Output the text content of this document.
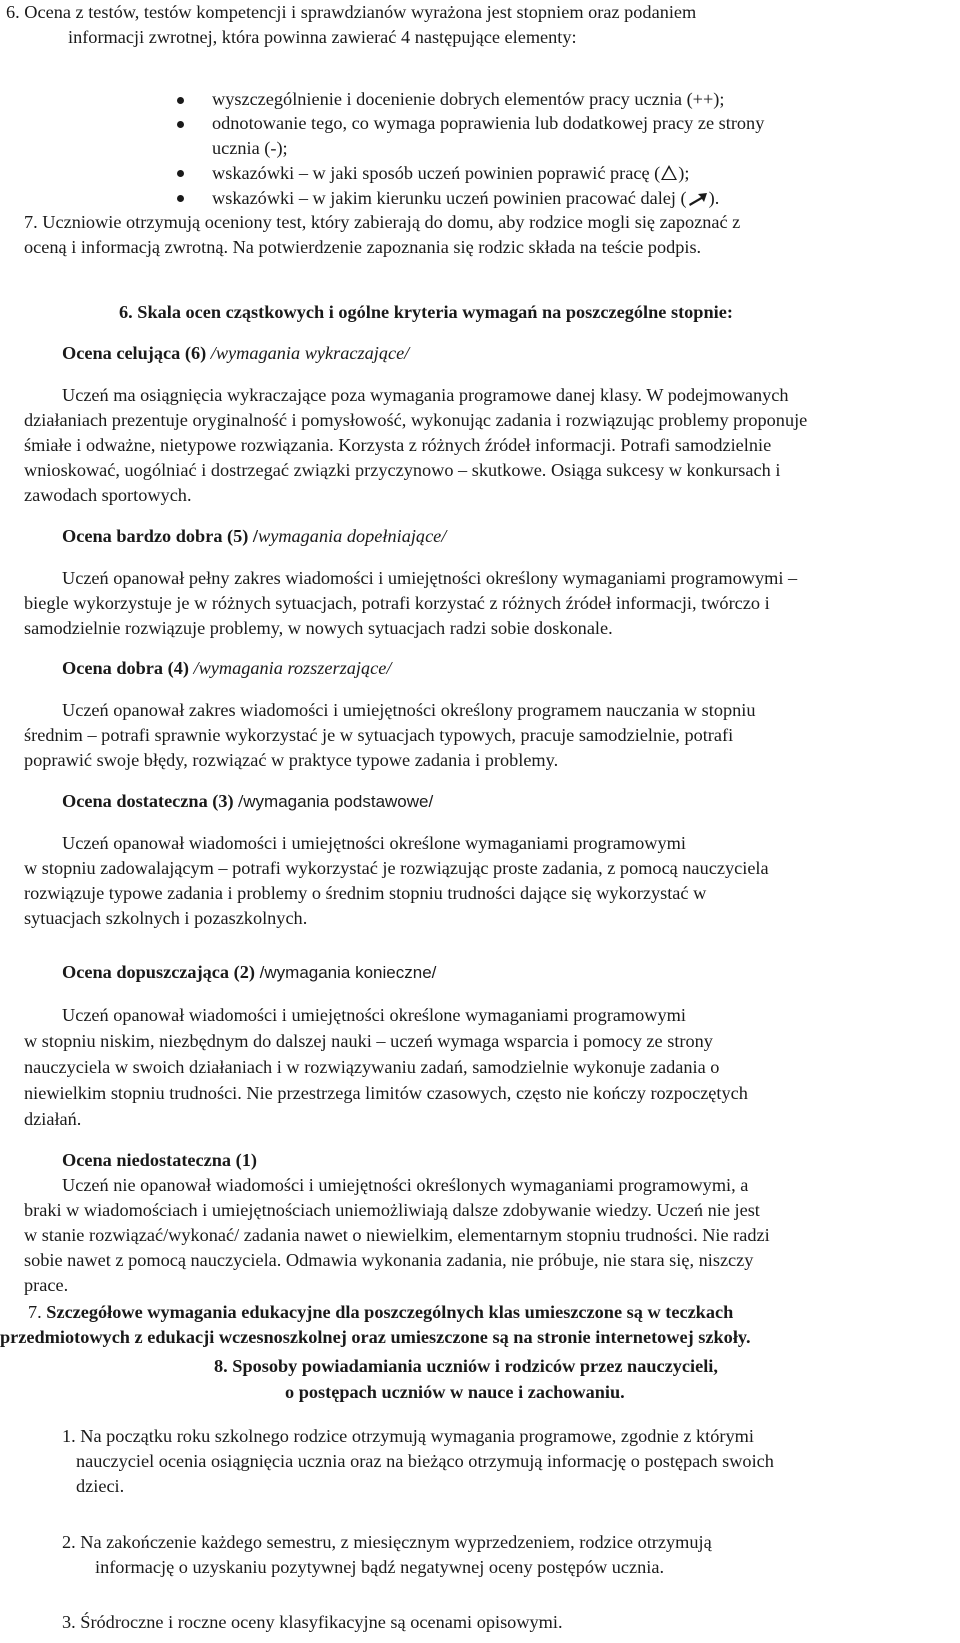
6. Ocena z testów, testów kompetencji i sprawdzianów wyrażona jest stopniem oraz podaniem
informacji zwrotnej, która powinna zawierać 4 następujące elementy:
wyszczególnienie i docenienie dobrych elementów pracy ucznia (++);
odnotowanie tego, co wymaga poprawienia lub dodatkowej pracy ze strony
ucznia (-);
wskazówki – w jaki sposób uczeń powinien poprawić pracę ( );
wskazówki – w jakim kierunku uczeń powinien pracować dalej ( ).
7. Uczniowie otrzymują oceniony test, który zabierają do domu, aby rodzice mogli się zapoznać z
oceną i informacją zwrotną. Na potwierdzenie zapoznania się rodzic składa na teście podpis.
6. Skala ocen cząstkowych i ogólne kryteria wymagań na poszczególne stopnie:
Ocena celująca (6) /wymagania wykraczające/
Uczeń ma osiągnięcia wykraczające poza wymagania programowe danej klasy. W podejmowanych
działaniach prezentuje oryginalność i pomysłowość, wykonując zadania i rozwiązując problemy proponuje
śmiałe i odważne, nietypowe rozwiązania. Korzysta z różnych źródeł informacji. Potrafi samodzielnie
wnioskować, uogólniać i dostrzegać związki przyczynowo – skutkowe. Osiąga sukcesy w konkursach i
zawodach sportowych.
Ocena bardzo dobra (5) /wymagania dopełniające/
Uczeń opanował pełny zakres wiadomości i umiejętności określony wymaganiami programowymi –
biegle wykorzystuje je w różnych sytuacjach, potrafi korzystać z różnych źródeł informacji, twórczo i
samodzielnie rozwiązuje problemy, w nowych sytuacjach radzi sobie doskonale.
Ocena dobra (4) /wymagania rozszerzające/
Uczeń opanował zakres wiadomości i umiejętności określony programem nauczania w stopniu
średnim – potrafi sprawnie wykorzystać je w sytuacjach typowych, pracuje samodzielnie, potrafi
poprawić swoje błędy, rozwiązać w praktyce typowe zadania i problemy.
Ocena dostateczna (3) /wymagania podstawowe/
Uczeń opanował wiadomości i umiejętności określone wymaganiami programowymi
w stopniu zadowalającym – potrafi wykorzystać je rozwiązując proste zadania, z pomocą nauczyciela
rozwiązuje typowe zadania i problemy o średnim stopniu trudności dające się wykorzystać w
sytuacjach szkolnych i pozaszkolnych.
Ocena dopuszczająca (2) /wymagania konieczne/
Uczeń opanował wiadomości i umiejętności określone wymaganiami programowymi
w stopniu niskim, niezbędnym do dalszej nauki – uczeń wymaga wsparcia i pomocy ze strony
nauczyciela w swoich działaniach i w rozwiązywaniu zadań, samodzielnie wykonuje zadania o
niewielkim stopniu trudności. Nie przestrzega limitów czasowych, często nie kończy rozpoczętych
działań.
Ocena niedostateczna (1)
Uczeń nie opanował wiadomości i umiejętności określonych wymaganiami programowymi, a
braki w wiadomościach i umiejętnościach uniemożliwiają dalsze zdobywanie wiedzy. Uczeń nie jest
w stanie rozwiązać/wykonać/ zadania nawet o niewielkim, elementarnym stopniu trudności. Nie radzi
sobie nawet z pomocą nauczyciela. Odmawia wykonania zadania, nie próbuje, nie stara się, niszczy
prace.
7. Szczegółowe wymagania edukacyjne dla poszczególnych klas umieszczone są w teczkach
przedmiotowych z edukacji wczesnoszkolnej oraz umieszczone są na stronie internetowej szkoły.
8. Sposoby powiadamiania uczniów i rodziców przez nauczycieli,
o postępach uczniów w nauce i zachowaniu.
1. Na początku roku szkolnego rodzice otrzymują wymagania programowe, zgodnie z którymi
nauczyciel ocenia osiągnięcia ucznia oraz na bieżąco otrzymują informację o postępach swoich
dzieci.
2. Na zakończenie każdego semestru, z miesięcznym wyprzedzeniem, rodzice otrzymują
informację o uzyskaniu pozytywnej bądź negatywnej oceny postępów ucznia.
3. Śródroczne i roczne oceny klasyfikacyjne są ocenami opisowymi.
